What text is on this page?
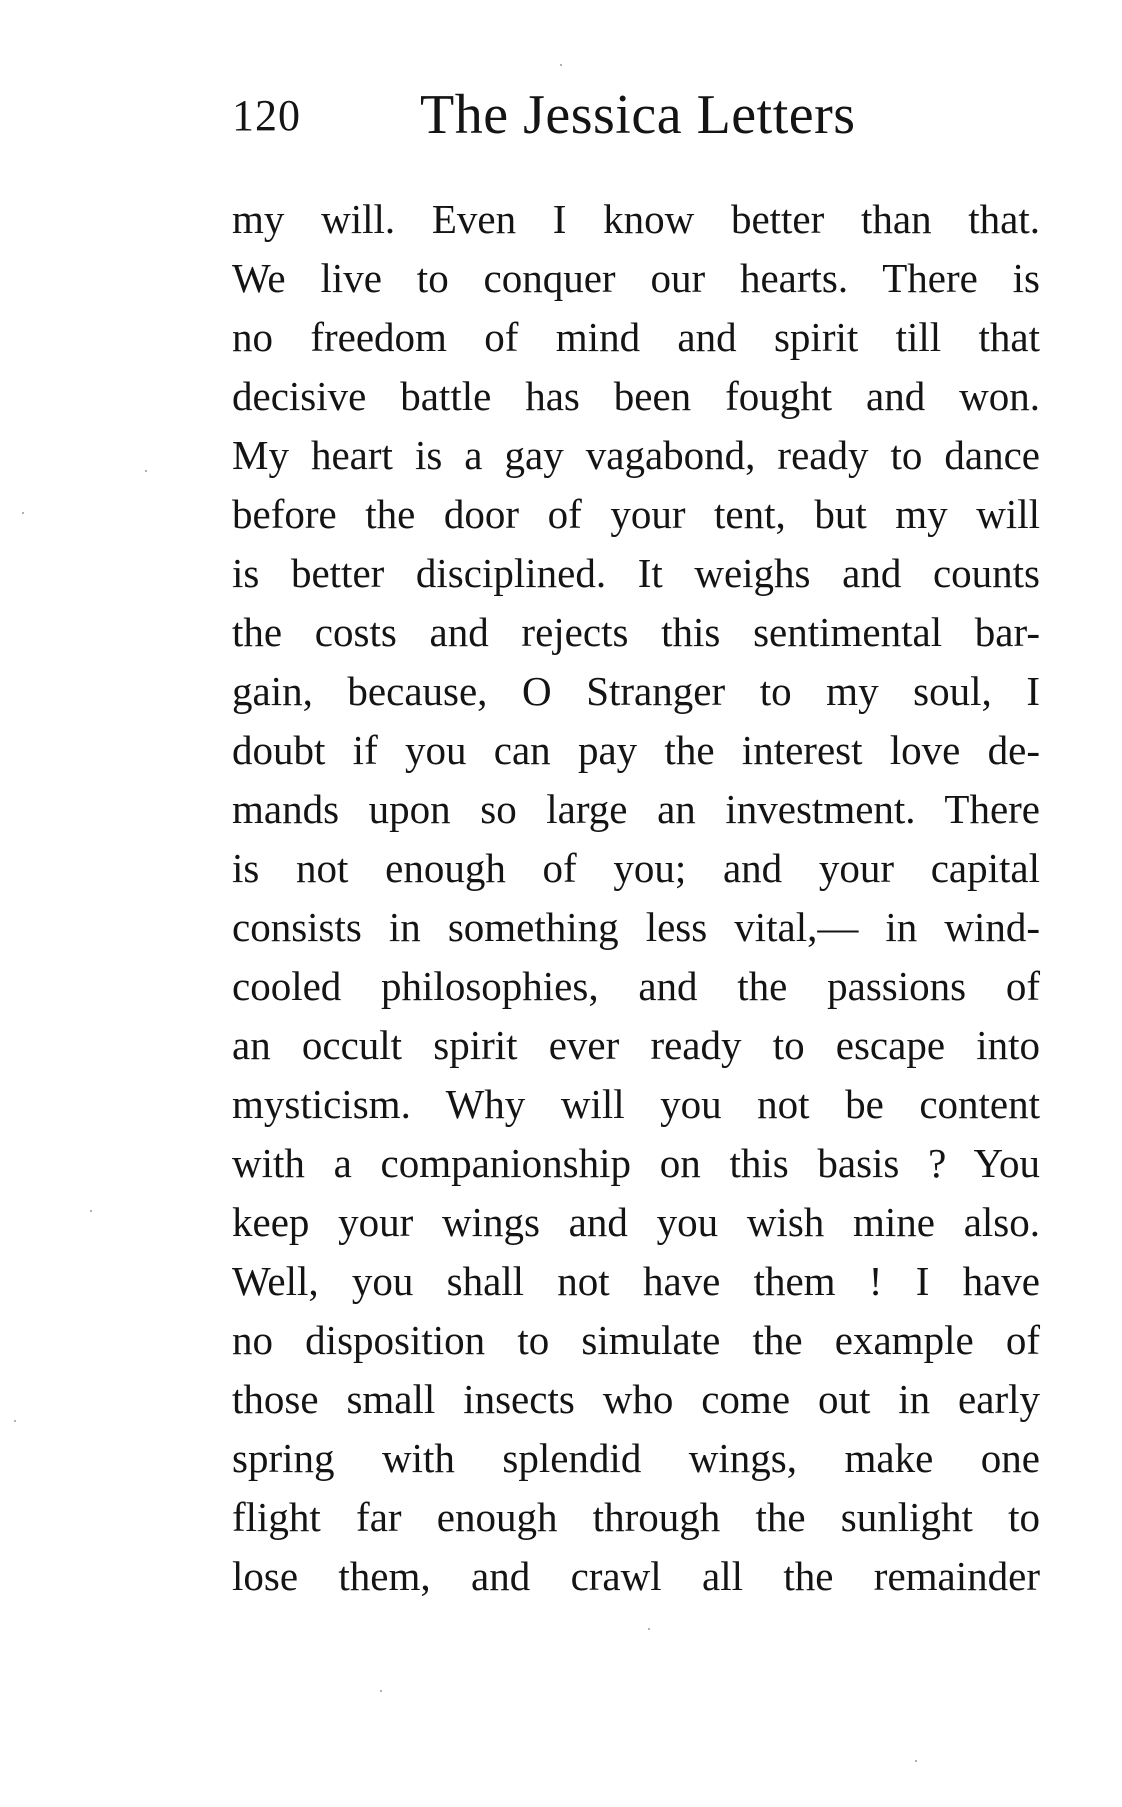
120 The Jessica Letters
my will. Even I know better than that.
We live to conquer our hearts. There is
no freedom of mind and spirit till that
decisive battle has been fought and won.
My heart is a gay vagabond, ready to dance
before the door of your tent, but my will
is better disciplined. It weighs and counts
the costs and rejects this sentimental bar-
gain, because, O Stranger to my soul, I
doubt if you can pay the interest love de-
mands upon so large an investment. There
is not enough of you; and your capital
consists in something less vital,— in wind-
cooled philosophies, and the passions of
an occult spirit ever ready to escape into
mysticism. Why will you not be content
with a companionship on this basis ? You
keep your wings and you wish mine also.
Well, you shall not have them ! I have
no disposition to simulate the example of
those small insects who come out in early
spring with splendid wings, make one
flight far enough through the sunlight to
lose them, and crawl all the remainder
